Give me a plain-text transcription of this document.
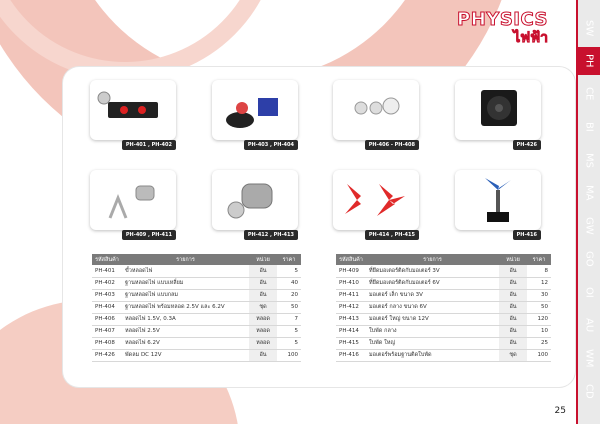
PHYSICS
ไฟฟ้า
SW
PH
CE
BI
MS
MA
GW
GO
OI
AU
WM
CD
PH-401 , PH-402	PH-403 , PH-404	PH-406 - PH-408	PH-426
PH-409 , PH-411	PH-412 , PH-413	PH-414 , PH-415	PH-416
รหัสสินค้า	รายการ	หน่วย	ราคา
PH-401	ขั้วหลอดไฟ	อัน	5
PH-402	ฐานหลอดไฟ แบบเหลี่ยม	อัน	40
PH-403	ฐานหลอดไฟ แบบกลม	อัน	20
PH-404	ฐานหลอดไฟ พร้อมหลอด 2.5V และ 6.2V	ชุด	50
PH-406	หลอดไฟ 1.5V, 0.3A	หลอด	7
PH-407	หลอดไฟ 2.5V	หลอด	5
PH-408	หลอดไฟ 6.2V	หลอด	5
PH-426	พัดลม DC 12V	อัน	100
รหัสสินค้า	รายการ	หน่วย	ราคา
PH-409	ที่ยึดมอเตอร์ติดกับมอเตอร์ 3V	อัน	8
PH-410	ที่ยึดมอเตอร์ติดกับมอเตอร์ 6V	อัน	12
PH-411	มอเตอร์ เล็ก ขนาด 3V	อัน	30
PH-412	มอเตอร์ กลาง ขนาด 6V	อัน	50
PH-413	มอเตอร์ ใหญ่ ขนาด 12V	อัน	120
PH-414	ใบพัด กลาง	อัน	10
PH-415	ใบพัด ใหญ่	อัน	25
PH-416	มอเตอร์พร้อมฐานติดใบพัด	ชุด	100
25
